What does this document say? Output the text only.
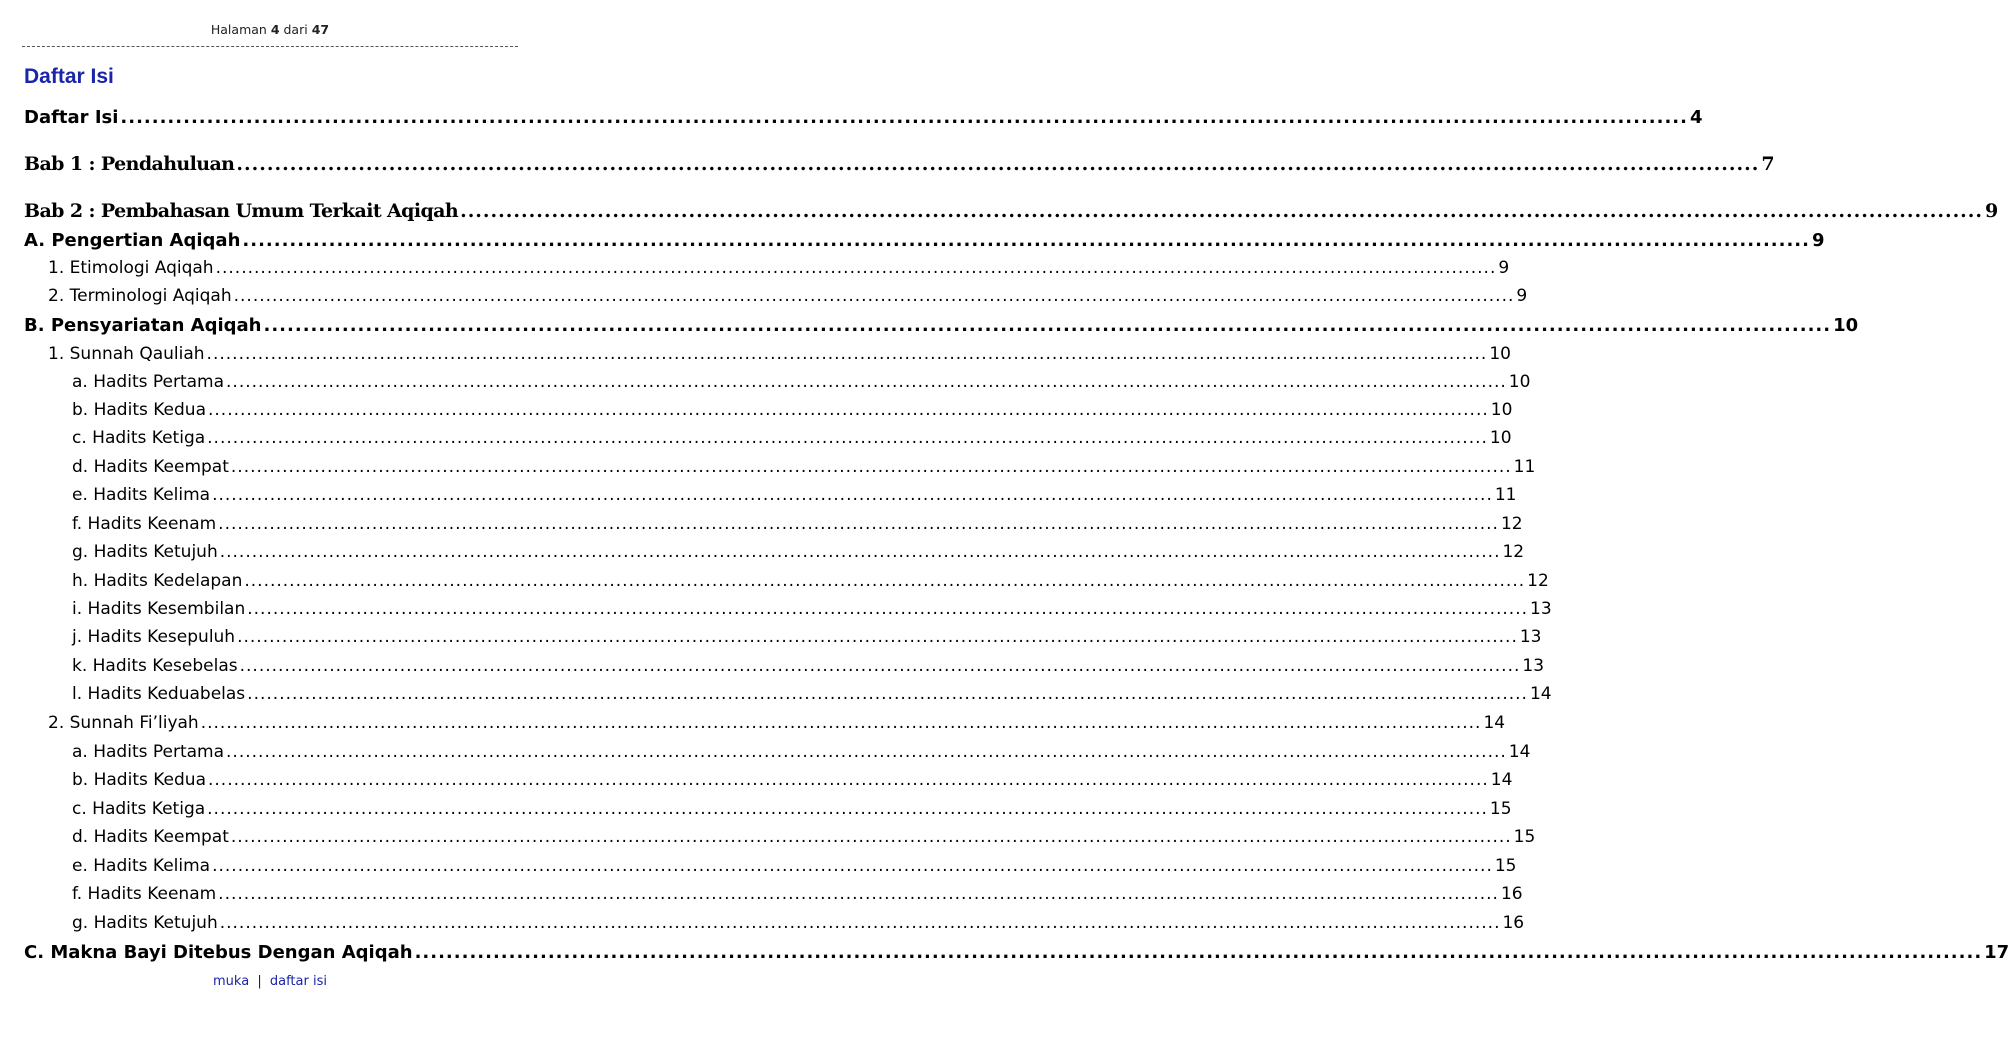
Halaman 4 dari 47
Daftar Isi
Daftar Isi ........................................................................................................................................................................................................ 4
Bab 1 : Pendahuluan ........................................................................................................................................................................................................ 7
Bab 2 : Pembahasan Umum Terkait Aqiqah ........................................................................................................................................................................................................ 9
A. Pengertian Aqiqah ........................................................................................................................................................................................................ 9
1. Etimologi Aqiqah ........................................................................................................................................................................................................ 9
2. Terminologi Aqiqah ........................................................................................................................................................................................................ 9
B. Pensyariatan Aqiqah ........................................................................................................................................................................................................ 10
1. Sunnah Qauliah ........................................................................................................................................................................................................ 10
a. Hadits Pertama ........................................................................................................................................................................................................ 10
b. Hadits Kedua ........................................................................................................................................................................................................ 10
c. Hadits Ketiga ........................................................................................................................................................................................................ 10
d. Hadits Keempat ........................................................................................................................................................................................................ 11
e. Hadits Kelima ........................................................................................................................................................................................................ 11
f. Hadits Keenam ........................................................................................................................................................................................................ 12
g. Hadits Ketujuh ........................................................................................................................................................................................................ 12
h. Hadits Kedelapan ........................................................................................................................................................................................................ 12
i. Hadits Kesembilan ........................................................................................................................................................................................................ 13
j. Hadits Kesepuluh ........................................................................................................................................................................................................ 13
k. Hadits Kesebelas ........................................................................................................................................................................................................ 13
l. Hadits Keduabelas ........................................................................................................................................................................................................ 14
2. Sunnah Fi’liyah ........................................................................................................................................................................................................ 14
a. Hadits Pertama ........................................................................................................................................................................................................ 14
b. Hadits Kedua ........................................................................................................................................................................................................ 14
c. Hadits Ketiga ........................................................................................................................................................................................................ 15
d. Hadits Keempat ........................................................................................................................................................................................................ 15
e. Hadits Kelima ........................................................................................................................................................................................................ 15
f. Hadits Keenam ........................................................................................................................................................................................................ 16
g. Hadits Ketujuh ........................................................................................................................................................................................................ 16
C. Makna Bayi Ditebus Dengan Aqiqah ........................................................................................................................................................................................................ 17
muka | daftar isi
